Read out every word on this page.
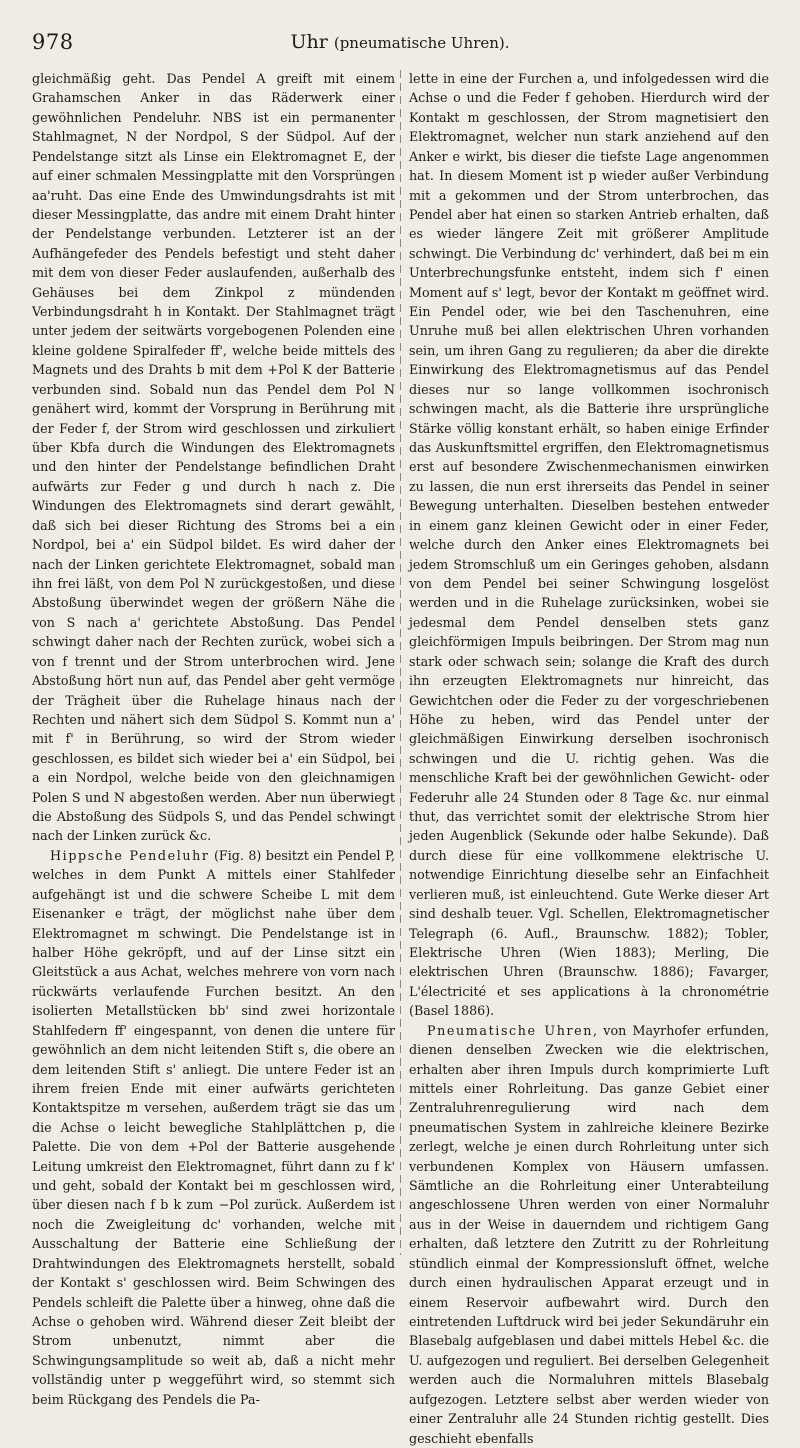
978	Uhr (pneumatische Uhren).

gleichmäßig geht. Das Pendel A greift mit einem Grahamschen Anker in das Räderwerk einer gewöhnlichen Pendeluhr. NBS ist ein permanenter Stahlmagnet, N der Nordpol, S der Südpol. Auf der Pendelstange sitzt als Linse ein Elektromagnet E, der auf einer schmalen Messingplatte mit den Vorsprüngen aa'ruht. Das eine Ende des Umwindungsdrahts ist mit dieser Messingplatte, das andre mit einem Draht hinter der Pendelstange verbunden. Letzterer ist an der Aufhängefeder des Pendels befestigt und steht daher mit dem von dieser Feder auslaufenden, außerhalb des Gehäuses bei dem Zinkpol z mündenden Verbindungsdraht h in Kontakt. Der Stahlmagnet trägt unter jedem der seitwärts vorgebogenen Polenden eine kleine goldene Spiralfeder ff', welche beide mittels des Magnets und des Drahts b mit dem +Pol K der Batterie verbunden sind. Sobald nun das Pendel dem Pol N genähert wird, kommt der Vorsprung in Berührung mit der Feder f, der Strom wird geschlossen und zirkuliert über Kbfa durch die Windungen des Elektromagnets und den hinter der Pendelstange befindlichen Draht aufwärts zur Feder g und durch h nach z. Die Windungen des Elektromagnets sind derart gewählt, daß sich bei dieser Richtung des Stroms bei a ein Nordpol, bei a' ein Südpol bildet. Es wird daher der nach der Linken gerichtete Elektromagnet, sobald man ihn frei läßt, von dem Pol N zurückgestoßen, und diese Abstoßung überwindet wegen der größern Nähe die von S nach a' gerichtete Abstoßung. Das Pendel schwingt daher nach der Rechten zurück, wobei sich a von f trennt und der Strom unterbrochen wird. Jene Abstoßung hört nun auf, das Pendel aber geht vermöge der Trägheit über die Ruhelage hinaus nach der Rechten und nähert sich dem Südpol S. Kommt nun a' mit f' in Berührung, so wird der Strom wieder geschlossen, es bildet sich wieder bei a' ein Südpol, bei a ein Nordpol, welche beide von den gleichnamigen Polen S und N abgestoßen werden. Aber nun überwiegt die Abstoßung des Südpols S, und das Pendel schwingt nach der Linken zurück &c.

Hippsche Pendeluhr (Fig. 8) besitzt ein Pendel P, welches in dem Punkt A mittels einer Stahlfeder aufgehängt ist und die schwere Scheibe L mit dem Eisenanker e trägt, der möglichst nahe über dem Elektromagnet m schwingt. Die Pendelstange ist in halber Höhe gekröpft, und auf der Linse sitzt ein Gleitstück a aus Achat, welches mehrere von vorn nach rückwärts verlaufende Furchen besitzt. An den isolierten Metallstücken bb' sind zwei horizontale Stahlfedern ff' eingespannt, von denen die untere für gewöhnlich an dem nicht leitenden Stift s, die obere an dem leitenden Stift s' anliegt. Die untere Feder ist an ihrem freien Ende mit einer aufwärts gerichteten Kontaktspitze m versehen, außerdem trägt sie das um die Achse o leicht bewegliche Stahlplättchen p, die Palette. Die von dem +Pol der Batterie ausgehende Leitung umkreist den Elektromagnet, führt dann zu f k' und geht, sobald der Kontakt bei m geschlossen wird, über diesen nach f b k zum −Pol zurück. Außerdem ist noch die Zweigleitung dc' vorhanden, welche mit Ausschaltung der Batterie eine Schließung der Drahtwindungen des Elektromagnets herstellt, sobald der Kontakt s' geschlossen wird. Beim Schwingen des Pendels schleift die Palette über a hinweg, ohne daß die Achse o gehoben wird. Während dieser Zeit bleibt der Strom unbenutzt, nimmt aber die Schwingungsamplitude so weit ab, daß a nicht mehr vollständig unter p weggeführt wird, so stemmt sich beim Rückgang des Pendels die Pa-

lette in eine der Furchen a, und infolgedessen wird die Achse o und die Feder f gehoben. Hierdurch wird der Kontakt m geschlossen, der Strom magnetisiert den Elektromagnet, welcher nun stark anziehend auf den Anker e wirkt, bis dieser die tiefste Lage angenommen hat. In diesem Moment ist p wieder außer Verbindung mit a gekommen und der Strom unterbrochen, das Pendel aber hat einen so starken Antrieb erhalten, daß es wieder längere Zeit mit größerer Amplitude schwingt. Die Verbindung dc' verhindert, daß bei m ein Unterbrechungsfunke entsteht, indem sich f' einen Moment auf s' legt, bevor der Kontakt m geöffnet wird. Ein Pendel oder, wie bei den Taschenuhren, eine Unruhe muß bei allen elektrischen Uhren vorhanden sein, um ihren Gang zu regulieren; da aber die direkte Einwirkung des Elektromagnetismus auf das Pendel dieses nur so lange vollkommen isochronisch schwingen macht, als die Batterie ihre ursprüngliche Stärke völlig konstant erhält, so haben einige Erfinder das Auskunftsmittel ergriffen, den Elektromagnetismus erst auf besondere Zwischenmechanismen einwirken zu lassen, die nun erst ihrerseits das Pendel in seiner Bewegung unterhalten. Dieselben bestehen entweder in einem ganz kleinen Gewicht oder in einer Feder, welche durch den Anker eines Elektromagnets bei jedem Stromschluß um ein Geringes gehoben, alsdann von dem Pendel bei seiner Schwingung losgelöst werden und in die Ruhelage zurücksinken, wobei sie jedesmal dem Pendel denselben stets ganz gleichförmigen Impuls beibringen. Der Strom mag nun stark oder schwach sein; solange die Kraft des durch ihn erzeugten Elektromagnets nur hinreicht, das Gewichtchen oder die Feder zu der vorgeschriebenen Höhe zu heben, wird das Pendel unter der gleichmäßigen Einwirkung derselben isochronisch schwingen und die U. richtig gehen. Was die menschliche Kraft bei der gewöhnlichen Gewicht- oder Federuhr alle 24 Stunden oder 8 Tage &c. nur einmal thut, das verrichtet somit der elektrische Strom hier jeden Augenblick (Sekunde oder halbe Sekunde). Daß durch diese für eine vollkommene elektrische U. notwendige Einrichtung dieselbe sehr an Einfachheit verlieren muß, ist einleuchtend. Gute Werke dieser Art sind deshalb teuer. Vgl. Schellen, Elektromagnetischer Telegraph (6. Aufl., Braunschw. 1882); Tobler, Elektrische Uhren (Wien 1883); Merling, Die elektrischen Uhren (Braunschw. 1886); Favarger, L'électricité et ses applications à la chronométrie (Basel 1886).

Pneumatische Uhren, von Mayrhofer erfunden, dienen denselben Zwecken wie die elektrischen, erhalten aber ihren Impuls durch komprimierte Luft mittels einer Rohrleitung. Das ganze Gebiet einer Zentraluhrenregulierung wird nach dem pneumatischen System in zahlreiche kleinere Bezirke zerlegt, welche je einen durch Rohrleitung unter sich verbundenen Komplex von Häusern umfassen. Sämtliche an die Rohrleitung einer Unterabteilung angeschlossene Uhren werden von einer Normaluhr aus in der Weise in dauerndem und richtigem Gang erhalten, daß letztere den Zutritt zu der Rohrleitung stündlich einmal der Kompressionsluft öffnet, welche durch einen hydraulischen Apparat erzeugt und in einem Reservoir aufbewahrt wird. Durch den eintretenden Luftdruck wird bei jeder Sekundäruhr ein Blasebalg aufgeblasen und dabei mittels Hebel &c. die U. aufgezogen und reguliert. Bei derselben Gelegenheit werden auch die Normaluhren mittels Blasebalg aufgezogen. Letztere selbst aber werden wieder von einer Zentraluhr alle 24 Stunden richtig gestellt. Dies geschieht ebenfalls
